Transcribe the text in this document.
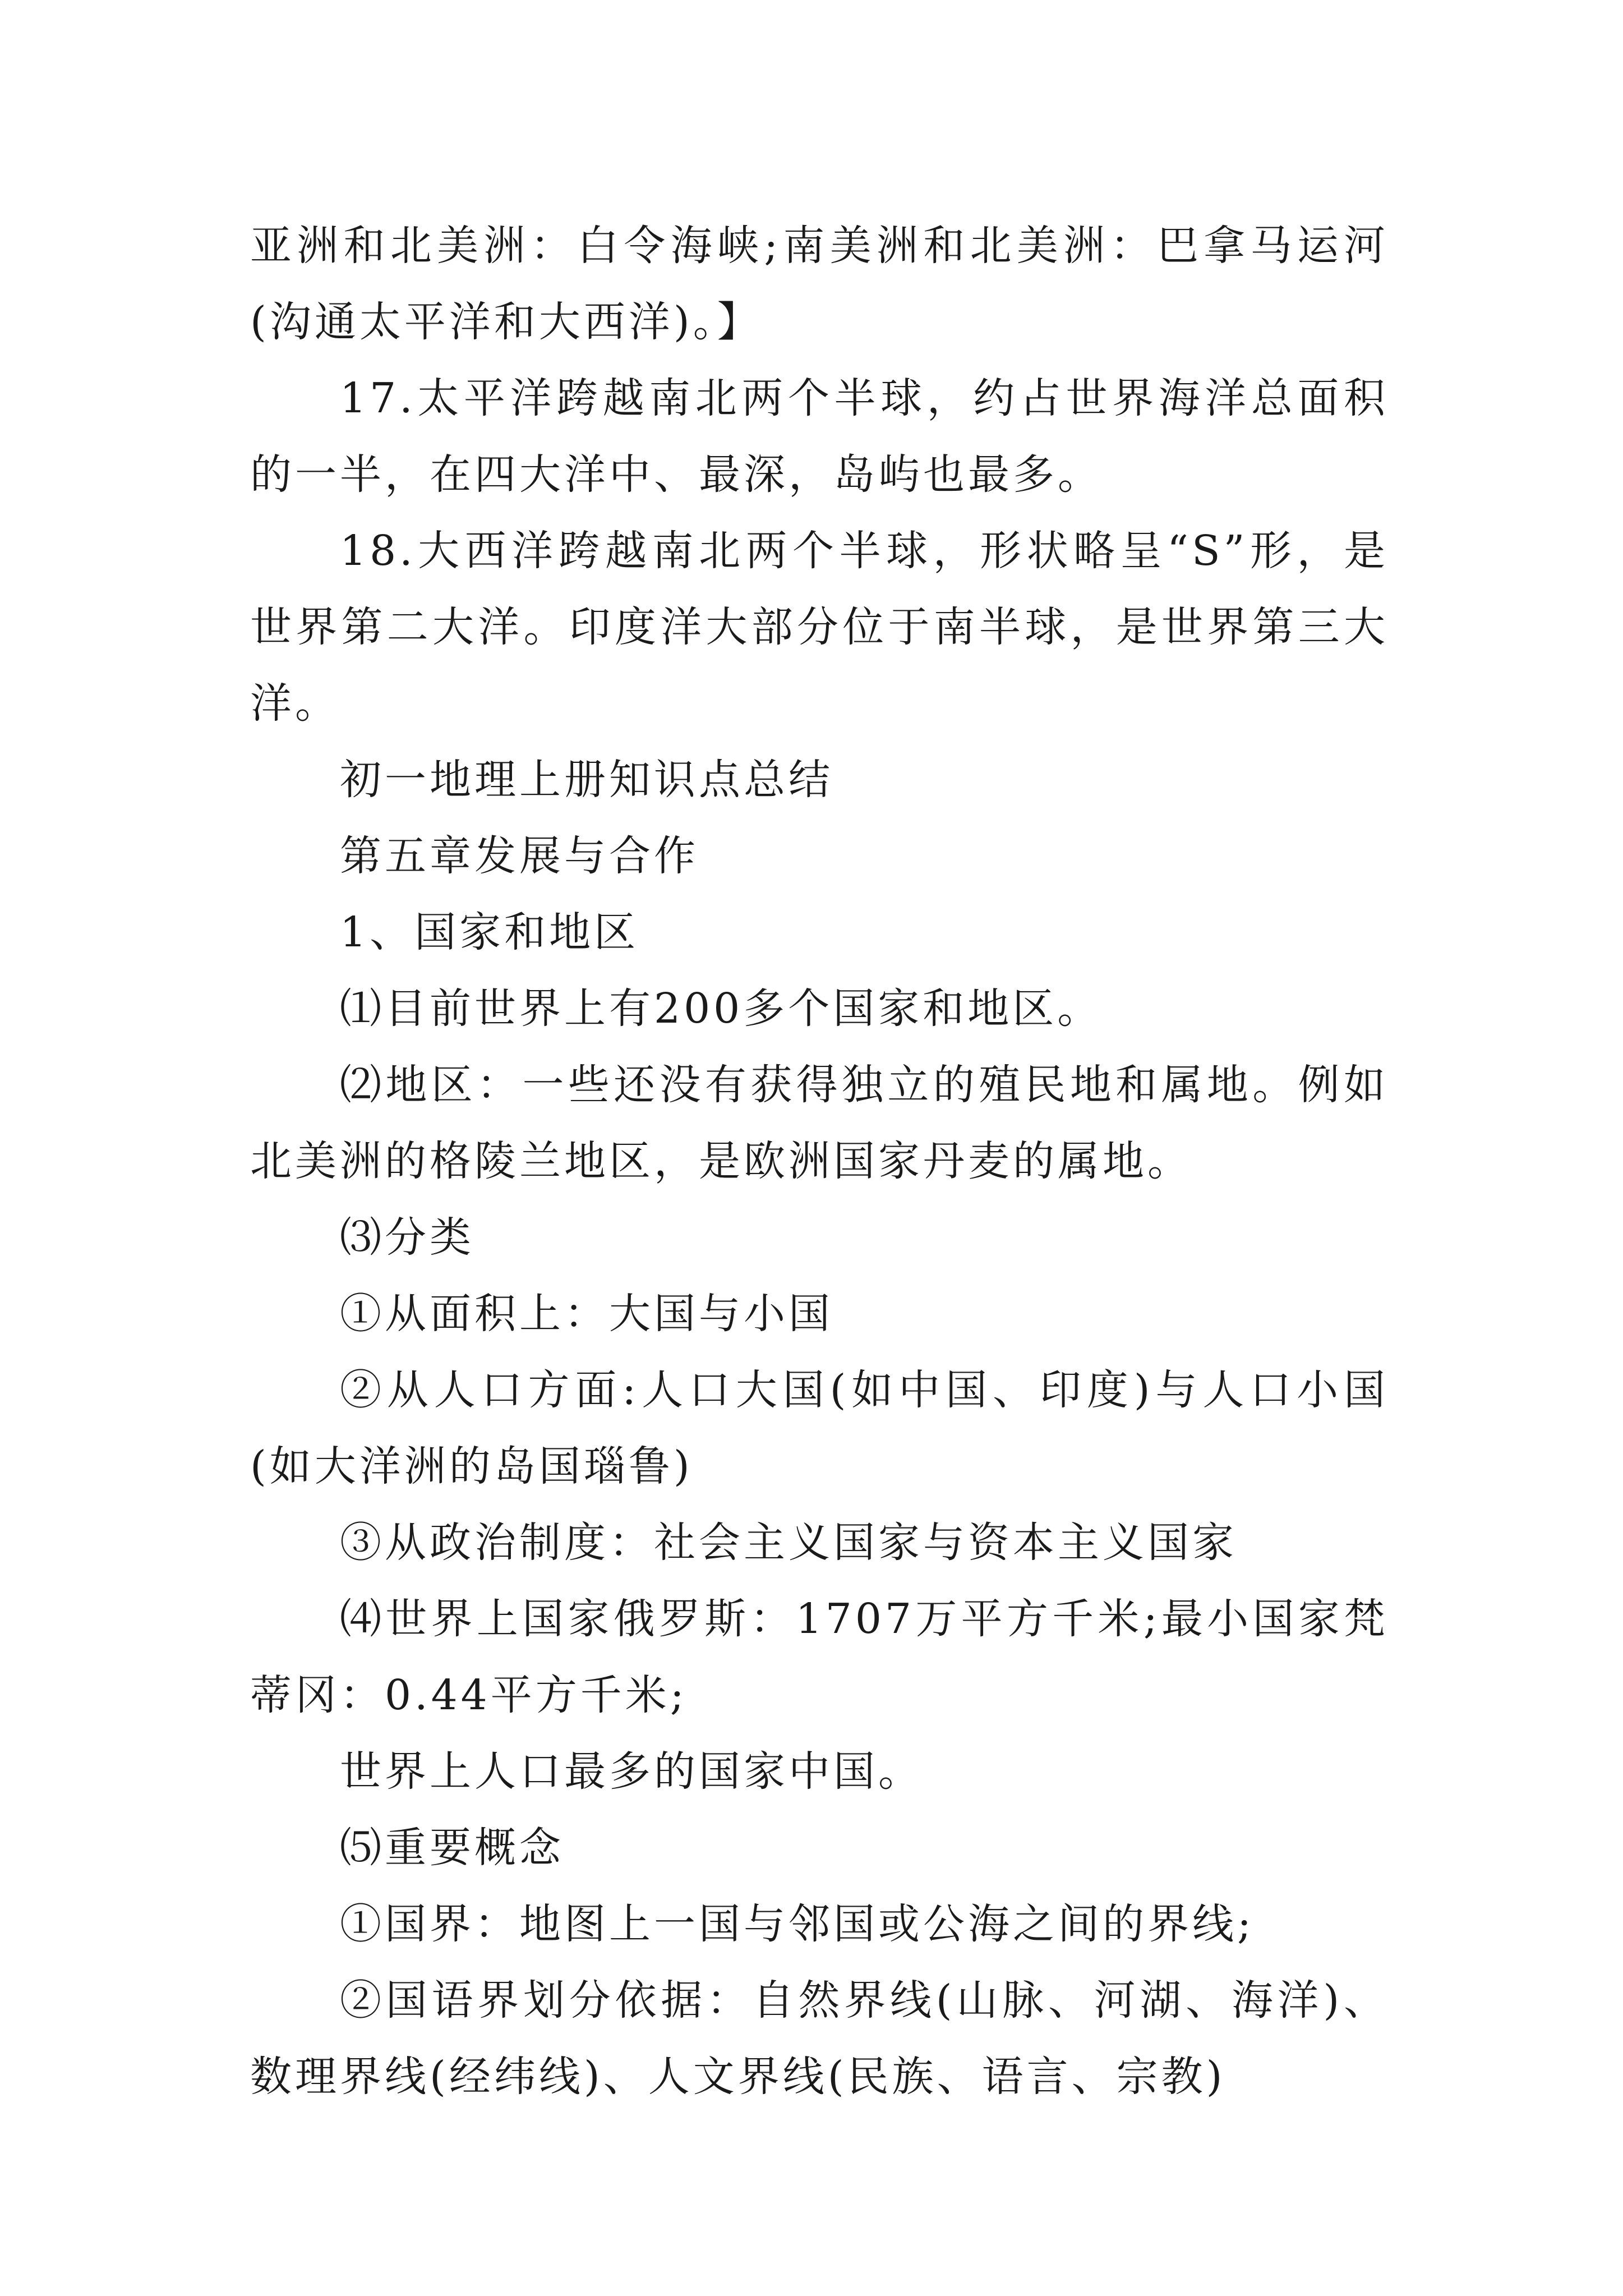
亚洲和北美洲：白令海峡;南美洲和北美洲：巴拿马运河(沟通太平洋和大西洋)。】

17.太平洋跨越南北两个半球，约占世界海洋总面积的一半，在四大洋中、最深，岛屿也最多。

18.大西洋跨越南北两个半球，形状略呈“S”形，是世界第二大洋。印度洋大部分位于南半球，是世界第三大洋。

初一地理上册知识点总结

第五章发展与合作

1、国家和地区

⑴目前世界上有200多个国家和地区。

⑵地区：一些还没有获得独立的殖民地和属地。例如北美洲的格陵兰地区，是欧洲国家丹麦的属地。

⑶分类

①从面积上：大国与小国

②从人口方面:人口大国(如中国、印度)与人口小国(如大洋洲的岛国瑙鲁)

③从政治制度：社会主义国家与资本主义国家

⑷世界上国家俄罗斯：1707万平方千米;最小国家梵蒂冈：0.44平方千米;

世界上人口最多的国家中国。

⑸重要概念

①国界：地图上一国与邻国或公海之间的界线;

②国语界划分依据：自然界线(山脉、河湖、海洋)、数理界线(经纬线)、人文界线(民族、语言、宗教)
